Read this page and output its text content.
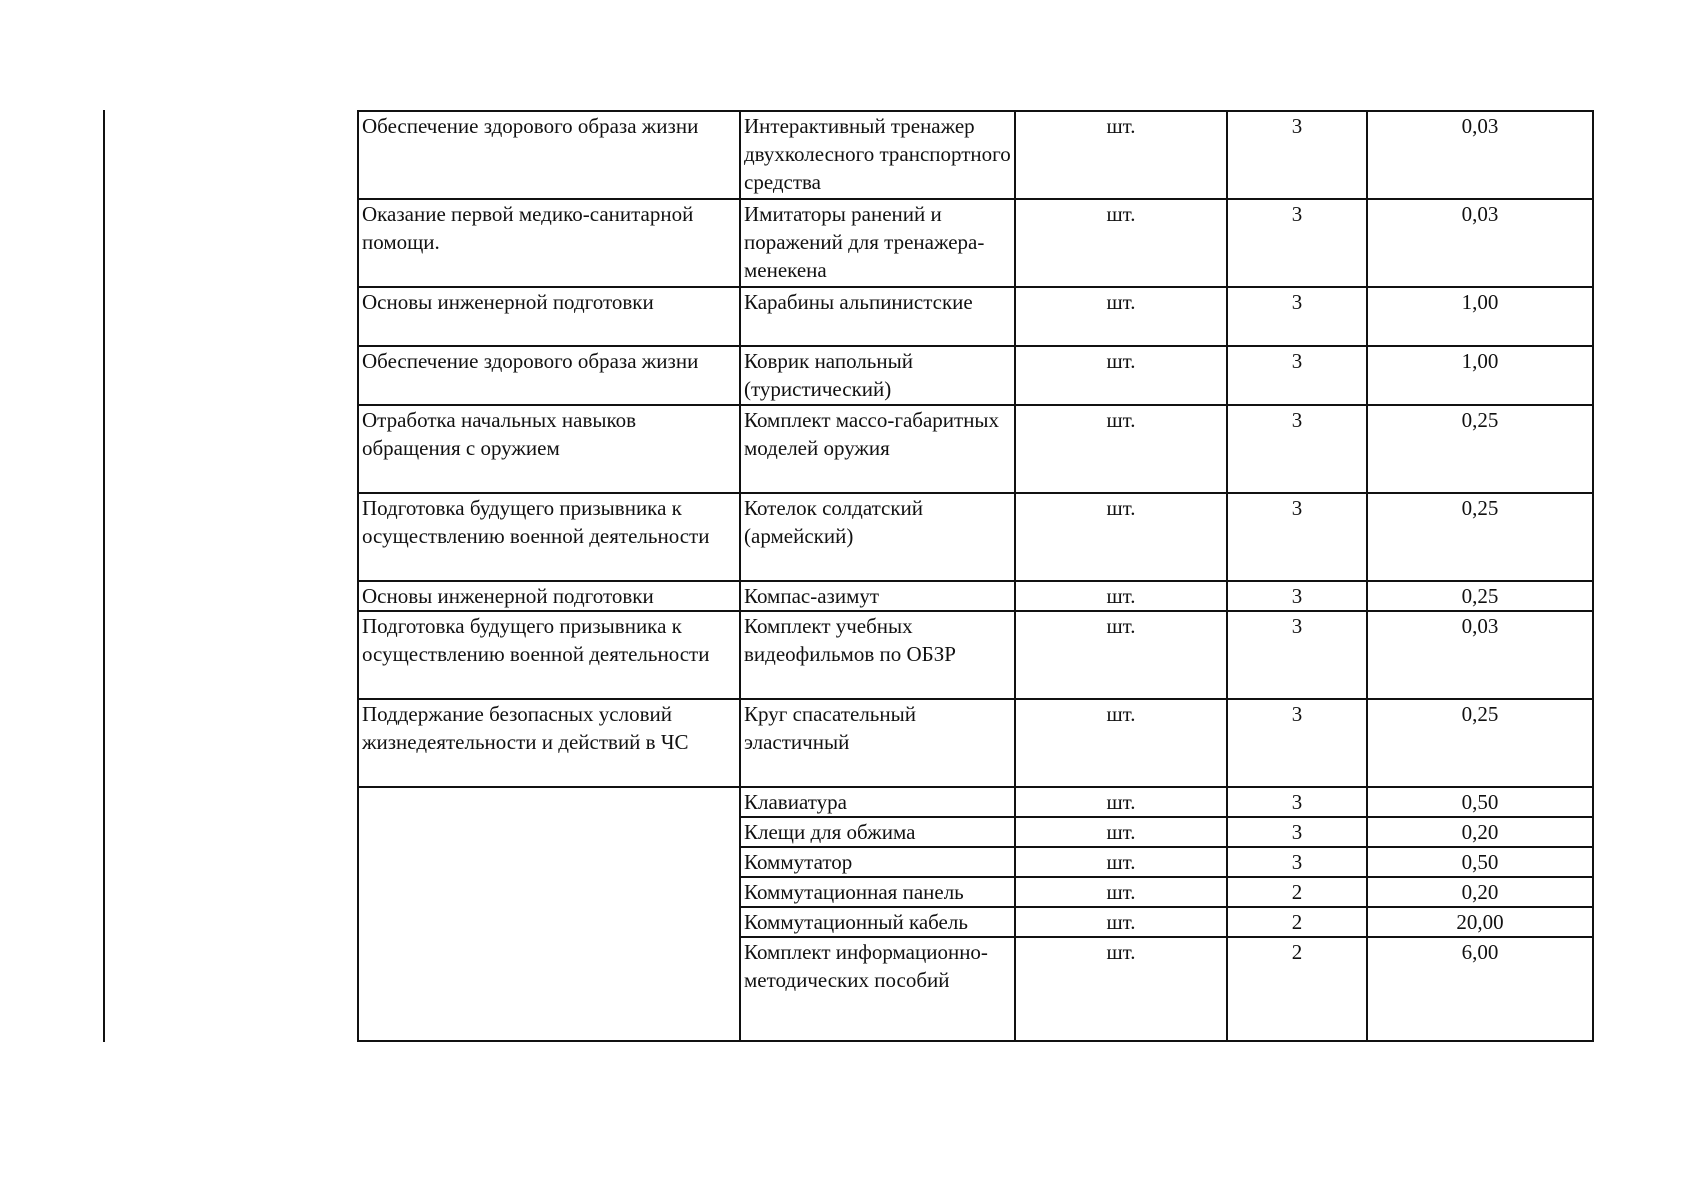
Обеспечение здорового образа жизни	Интерактивный тренажер двухколесного транспортного средства	шт.	3	0,03

Оказание первой медико-санитарной помощи.	Имитаторы ранений и поражений для тренажера-менекена	шт.	3	0,03

Основы инженерной подготовки	Карабины альпинистские	шт.	3	1,00

Обеспечение здорового образа жизни	Коврик напольный (туристический)	шт.	3	1,00

Отработка начальных навыков обращения с оружием	Комплект массо-габаритных моделей оружия	шт.	3	0,25

Подготовка будущего призывника к осуществлению военной деятельности	Котелок солдатский (армейский)	шт.	3	0,25

Основы инженерной подготовки	Компас-азимут	шт.	3	0,25

Подготовка будущего призывника к осуществлению военной деятельности	Комплект учебных видеофильмов по ОБЗР	шт.	3	0,03

Поддержание безопасных условий жизнедеятельности и действий в ЧС	Круг спасательный эластичный	шт.	3	0,25

	Клавиатура	шт.	3	0,50

	Клещи для обжима	шт.	3	0,20

	Коммутатор	шт.	3	0,50

	Коммутационная панель	шт.	2	0,20

	Коммутационный кабель	шт.	2	20,00

	Комплект информационно-методических пособий	шт.	2	6,00
